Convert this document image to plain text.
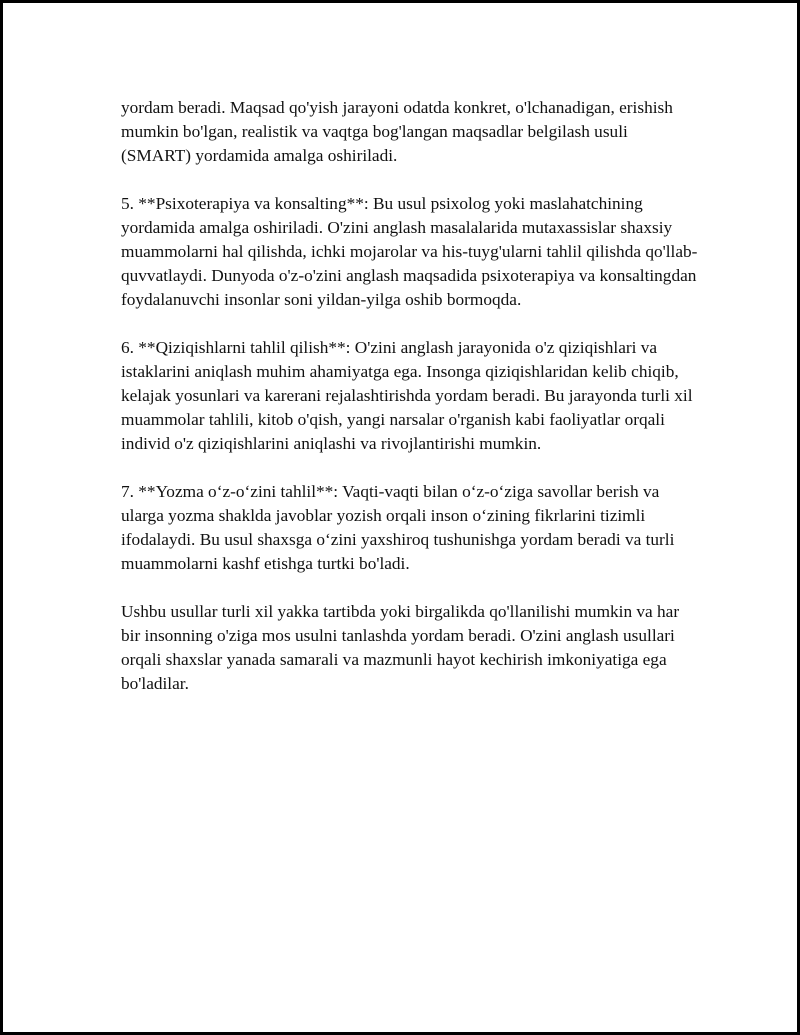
yordam beradi. Maqsad qo'yish jarayoni odatda konkret, o'lchanadigan, erishish mumkin bo'lgan, realistik va vaqtga bog'langan maqsadlar belgilash usuli (SMART) yordamida amalga oshiriladi.

5. **Psixoterapiya va konsalting**: Bu usul psixolog yoki maslahatchining yordamida amalga oshiriladi. O'zini anglash masalalarida mutaxassislar shaxsiy muammolarni hal qilishda, ichki mojarolar va his-tuyg'ularni tahlil qilishda qo'llab-quvvatlaydi. Dunyoda o'z-o'zini anglash maqsadida psixoterapiya va konsaltingdan foydalanuvchi insonlar soni yildan-yilga oshib bormoqda.

6. **Qiziqishlarni tahlil qilish**: O'zini anglash jarayonida o'z qiziqishlari va istaklarini aniqlash muhim ahamiyatga ega. Insonga qiziqishlaridan kelib chiqib, kelajak yosunlari va karerani rejalashtirishda yordam beradi. Bu jarayonda turli xil muammolar tahlili, kitob o'qish, yangi narsalar o'rganish kabi faoliyatlar orqali individ o'z qiziqishlarini aniqlashi va rivojlantirishi mumkin.

7. **Yozma o‘z-o‘zini tahlil**: Vaqti-vaqti bilan o‘z-o‘ziga savollar berish va ularga yozma shaklda javoblar yozish orqali inson o‘zining fikrlarini tizimli ifodalaydi. Bu usul shaxsga o‘zini yaxshiroq tushunishga yordam beradi va turli muammolarni kashf etishga turtki bo'ladi.

Ushbu usullar turli xil yakka tartibda yoki birgalikda qo'llanilishi mumkin va har bir insonning o'ziga mos usulni tanlashda yordam beradi. O'zini anglash usullari orqali shaxslar yanada samarali va mazmunli hayot kechirish imkoniyatiga ega bo'ladilar.
